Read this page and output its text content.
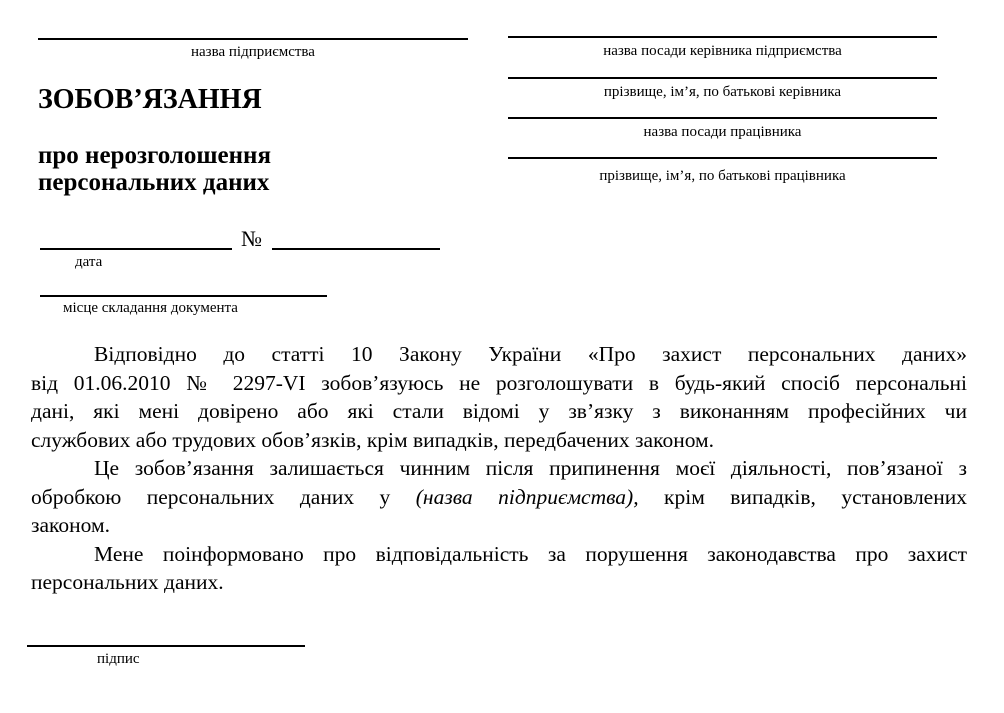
назва підприємства
ЗОБОВ’ЯЗАННЯ
про нерозголошення персональних даних
№
дата
місце складання документа
назва посади керівника підприємства
прізвище, ім’я, по батькові керівника
назва посади працівника
прізвище, ім’я, по батькові працівника
Відповідно до статті 10 Закону України «Про захист персональних даних»
від 01.06.2010 № 2297-VI зобов’язуюсь не розголошувати в будь-який спосіб персональні
дані, які мені довірено або які стали відомі у зв’язку з виконанням професійних чи
службових або трудових обов’язків, крім випадків, передбачених законом.
Це зобов’язання залишається чинним після припинення моєї діяльності, пов’язаної з
обробкою персональних даних у (назва підприємства), крім випадків, установлених
законом.
Мене поінформовано про відповідальність за порушення законодавства про захист
персональних даних.
підпис
